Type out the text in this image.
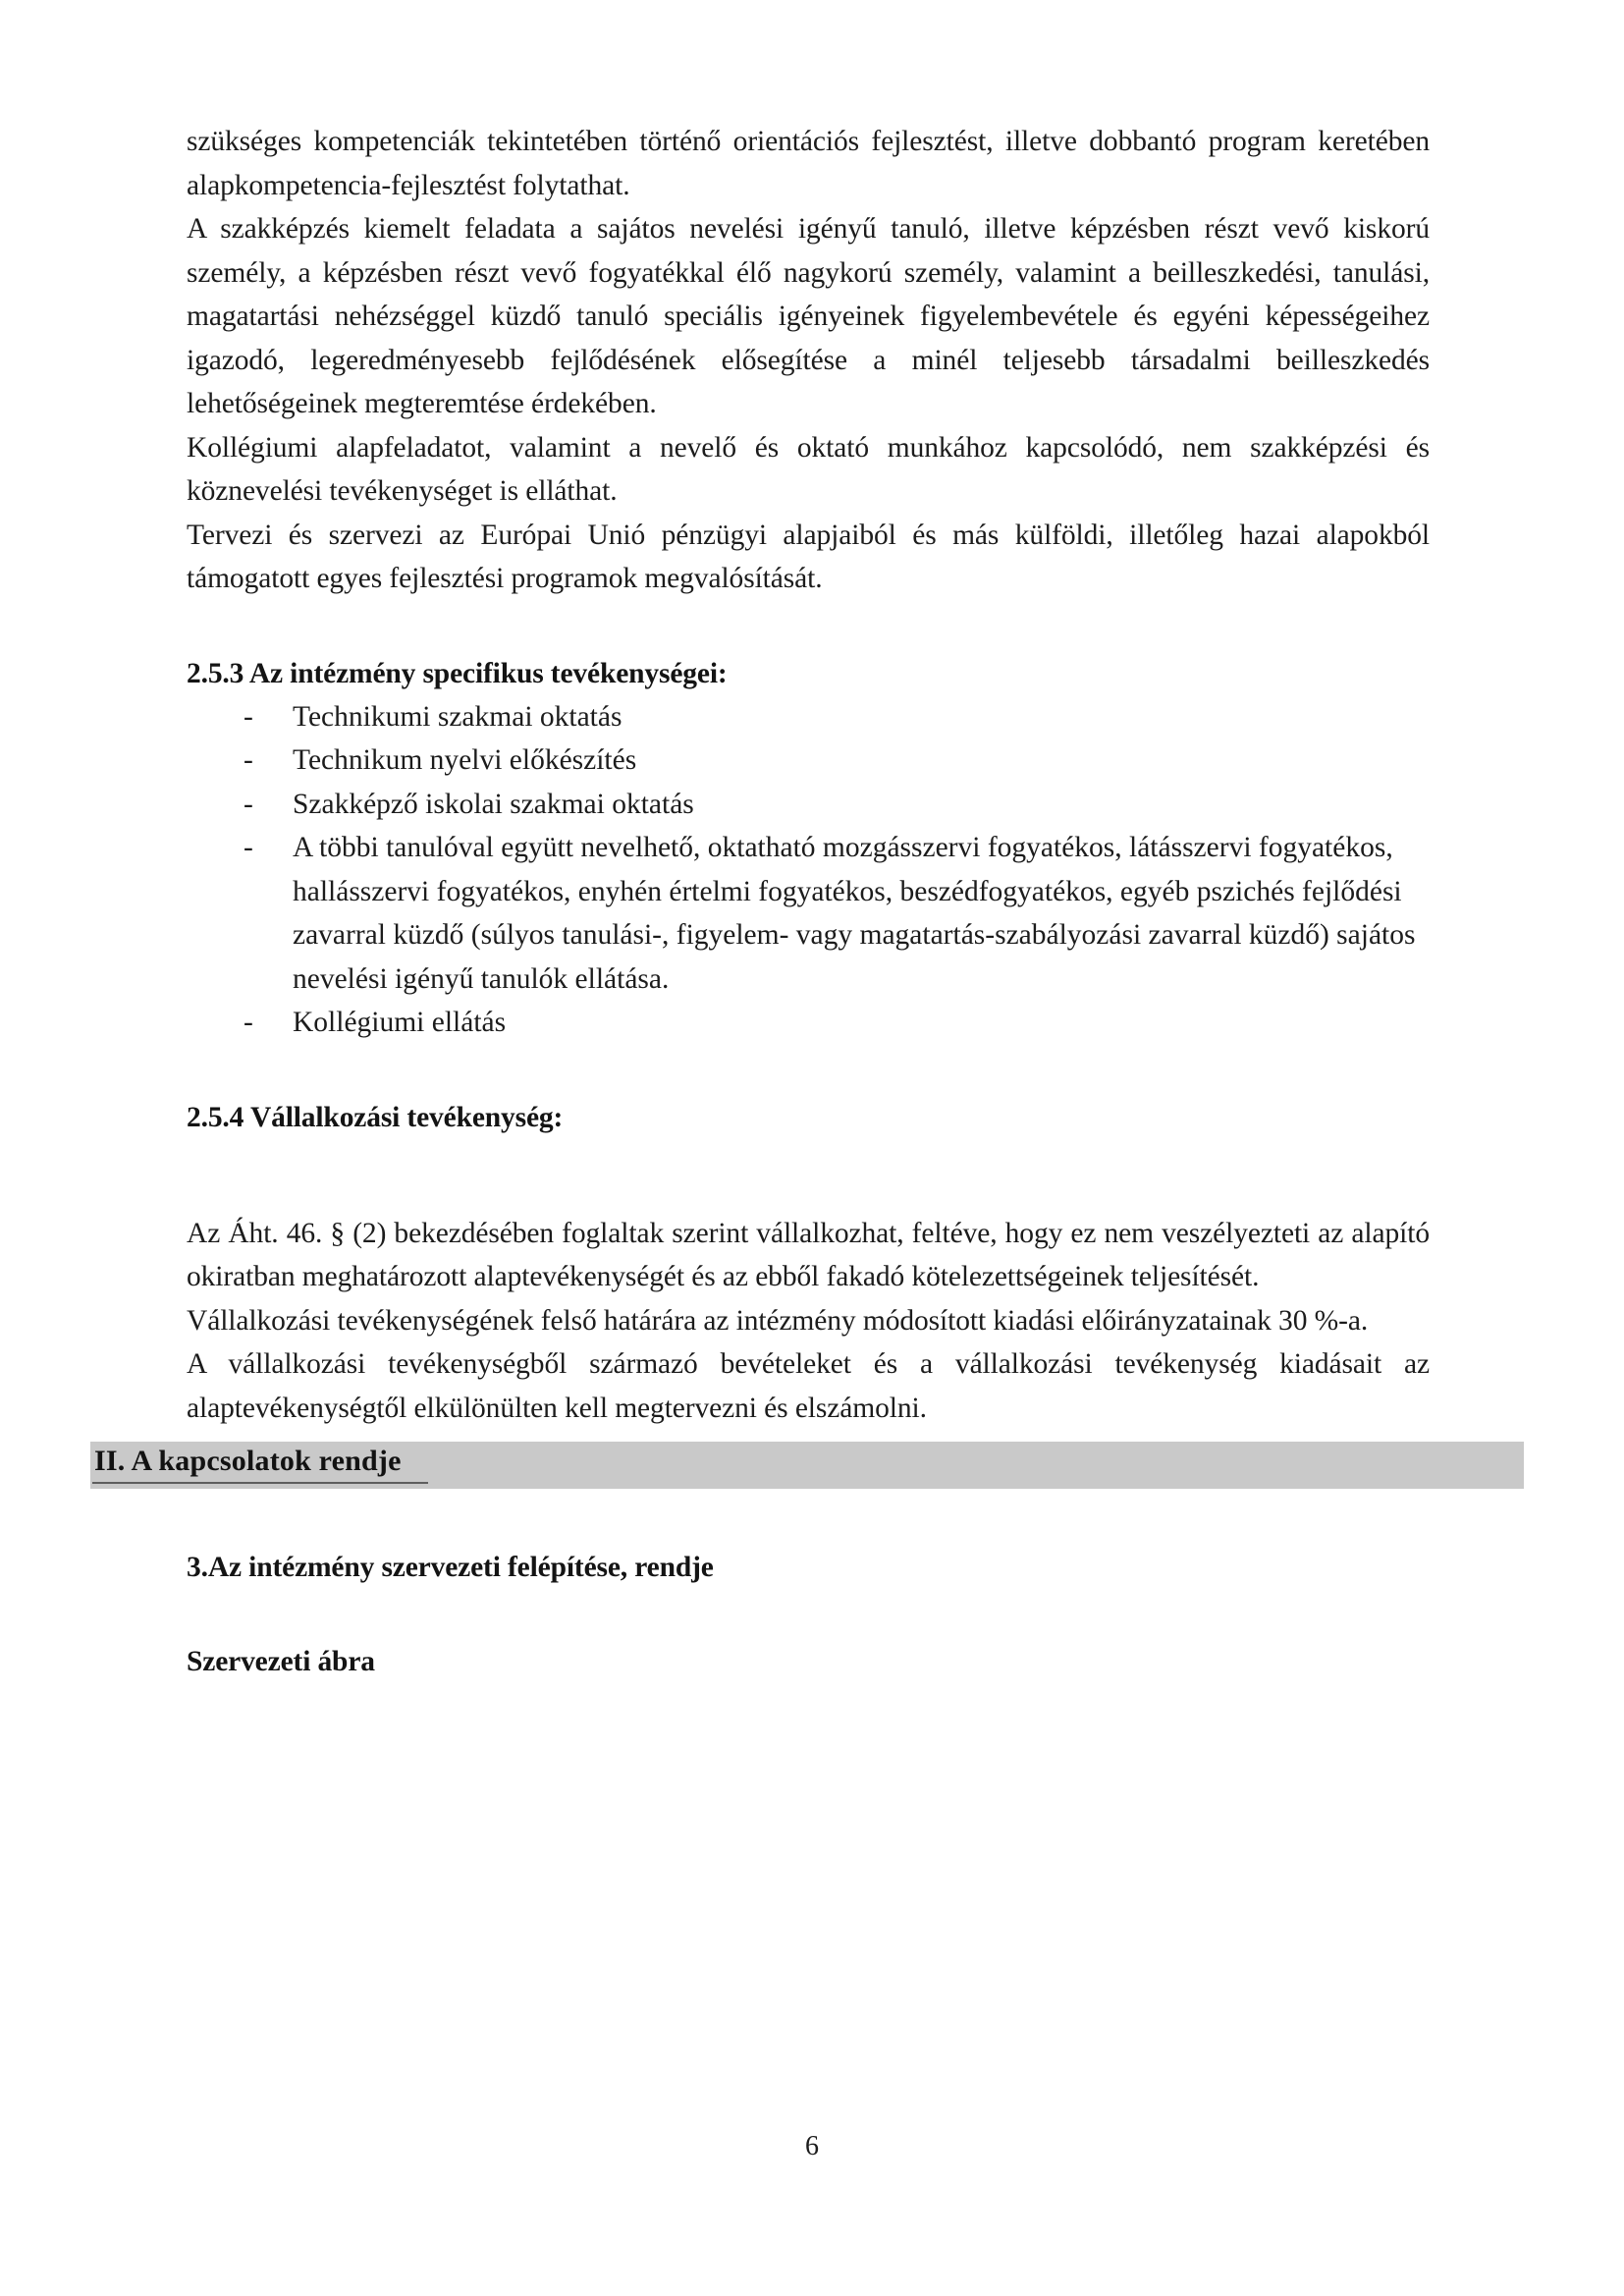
szükséges kompetenciák tekintetében történő orientációs fejlesztést, illetve dobbantó program keretében alapkompetencia-fejlesztést folytathat.

A szakképzés kiemelt feladata a sajátos nevelési igényű tanuló, illetve képzésben részt vevő kiskorú személy, a képzésben részt vevő fogyatékkal élő nagykorú személy, valamint a beilleszkedési, tanulási, magatartási nehézséggel küzdő tanuló speciális igényeinek figyelembevétele és egyéni képességeihez igazodó, legeredményesebb fejlődésének elősegítése a minél teljesebb társadalmi beilleszkedés lehetőségeinek megteremtése érdekében.

Kollégiumi alapfeladatot, valamint a nevelő és oktató munkához kapcsolódó, nem szakképzési és köznevelési tevékenységet is elláthat.

Tervezi és szervezi az Európai Unió pénzügyi alapjaiból és más külföldi, illetőleg hazai alapokból támogatott egyes fejlesztési programok megvalósítását.

2.5.3 Az intézmény specifikus tevékenységei:
- Technikumi szakmai oktatás
- Technikum nyelvi előkészítés
- Szakképző iskolai szakmai oktatás
- A többi tanulóval együtt nevelhető, oktatható mozgásszervi fogyatékos, látásszervi fogyatékos, hallásszervi fogyatékos, enyhén értelmi fogyatékos, beszédfogyatékos, egyéb pszichés fejlődési zavarral küzdő (súlyos tanulási-, figyelem- vagy magatartás-szabályozási zavarral küzdő) sajátos nevelési igényű tanulók ellátása.
- Kollégiumi ellátás
2.5.4 Vállalkozási tevékenység:

Az Áht. 46. § (2) bekezdésében foglaltak szerint vállalkozhat, feltéve, hogy ez nem veszélyezteti az alapító okiratban meghatározott alaptevékenységét és az ebből fakadó kötelezettségeinek teljesítését.

Vállalkozási tevékenységének felső határára az intézmény módosított kiadási előirányzatainak 30 %-a.

A vállalkozási tevékenységből származó bevételeket és a vállalkozási tevékenység kiadásait az alaptevékenységtől elkülönülten kell megtervezni és elszámolni.

II. A kapcsolatok rendje
3.Az intézmény szervezeti felépítése, rendje
Szervezeti ábra
6
